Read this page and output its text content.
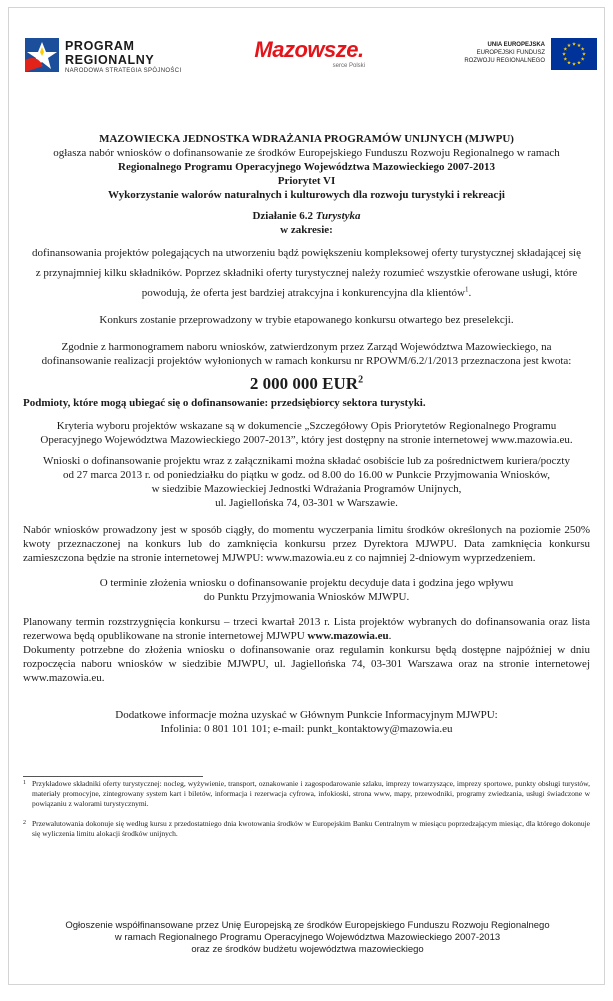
PROGRAM
REGIONALNY
NARODOWA STRATEGIA SPÓJNOŚCI
Mazowsze.
serce Polski
UNIA EUROPEJSKA
EUROPEJSKI FUNDUSZ
ROZWOJU REGIONALNEGO

MAZOWIECKA JEDNOSTKA WDRAŻANIA PROGRAMÓW UNIJNYCH (MJWPU)

ogłasza nabór wniosków o dofinansowanie ze środków Europejskiego Funduszu Rozwoju Regionalnego w ramach

Regionalnego Programu Operacyjnego Województwa Mazowieckiego 2007-2013

Priorytet VI

Wykorzystanie walorów naturalnych i kulturowych dla rozwoju turystyki i rekreacji

Działanie 6.2 Turystyka

w zakresie:

dofinansowania projektów polegających na utworzeniu bądź powiększeniu kompleksowej oferty turystycznej składającej się

z przynajmniej kilku składników. Poprzez składniki oferty turystycznej należy rozumieć wszystkie oferowane usługi, które

powodują, że oferta jest bardziej atrakcyjna i konkurencyjna dla klientów$^1$.

Konkurs zostanie przeprowadzony w trybie etapowanego konkursu otwartego bez preselekcji.

Zgodnie z harmonogramem naboru wniosków, zatwierdzonym przez Zarząd Województwa Mazowieckiego, na

dofinansowanie realizacji projektów wyłonionych w ramach konkursu nr RPOWM/6.2/1/2013 przeznaczona jest kwota:

2 000 000 EUR$^2$

Podmioty, które mogą ubiegać się o dofinansowanie: przedsiębiorcy sektora turystyki.

Kryteria wyboru projektów wskazane są w dokumencie „Szczegółowy Opis Priorytetów Regionalnego Programu

Operacyjnego Województwa Mazowieckiego 2007-2013”, który jest dostępny na stronie internetowej www.mazowia.eu.

Wnioski o dofinansowanie projektu wraz z załącznikami można składać osobiście lub za pośrednictwem kuriera/poczty

od 27 marca 2013 r. od poniedziałku do piątku w godz. od 8.00 do 16.00 w Punkcie Przyjmowania Wniosków,

w siedzibie Mazowieckiej Jednostki Wdrażania Programów Unijnych,

ul. Jagiellońska 74, 03-301 w Warszawie.

Nabór wniosków prowadzony jest w sposób ciągły, do momentu wyczerpania limitu środków określonych na poziomie 250% kwoty przeznaczonej na konkurs lub do zamknięcia konkursu przez Dyrektora MJWPU. Data zamknięcia konkursu zamieszczona będzie na stronie internetowej MJWPU: www.mazowia.eu z co najmniej 2-dniowym wyprzedzeniem.

O terminie złożenia wniosku o dofinansowanie projektu decyduje data i godzina jego wpływu

do Punktu Przyjmowania Wniosków MJWPU.

Planowany termin rozstrzygnięcia konkursu – trzeci kwartał 2013 r. Lista projektów wybranych do dofinansowania oraz lista rezerwowa będą opublikowane na stronie internetowej MJWPU www.mazowia.eu.

Dokumenty potrzebne do złożenia wniosku o dofinansowanie oraz regulamin konkursu będą dostępne najpóźniej w dniu rozpoczęcia naboru wniosków w siedzibie MJWPU, ul. Jagiellońska 74, 03-301 Warszawa oraz na stronie internetowej www.mazowia.eu.

Dodatkowe informacje można uzyskać w Głównym Punkcie Informacyjnym MJWPU:

Infolinia: 0 801 101 101; e-mail: punkt_kontaktowy@mazowia.eu

1 Przykładowe składniki oferty turystycznej: nocleg, wyżywienie, transport, oznakowanie i zagospodarowanie szlaku, imprezy towarzyszące, imprezy sportowe, punkty obsługi turystów, materiały promocyjne, zintegrowany system kart i biletów, informacja i rezerwacja cyfrowa, infokioski, strona www, mapy, przewodniki, programy zwiedzania, usługi świadczone w powiązaniu z walorami turystycznymi.

2 Przewalutowania dokonuje się według kursu z przedostatniego dnia kwotowania środków w Europejskim Banku Centralnym w miesiącu poprzedzającym miesiąc, dla którego dokonuje się wyliczenia limitu alokacji środków unijnych.

Ogłoszenie współfinansowane przez Unię Europejską ze środków Europejskiego Funduszu Rozwoju Regionalnego
w ramach Regionalnego Programu Operacyjnego Województwa Mazowieckiego 2007-2013
oraz ze środków budżetu województwa mazowieckiego
